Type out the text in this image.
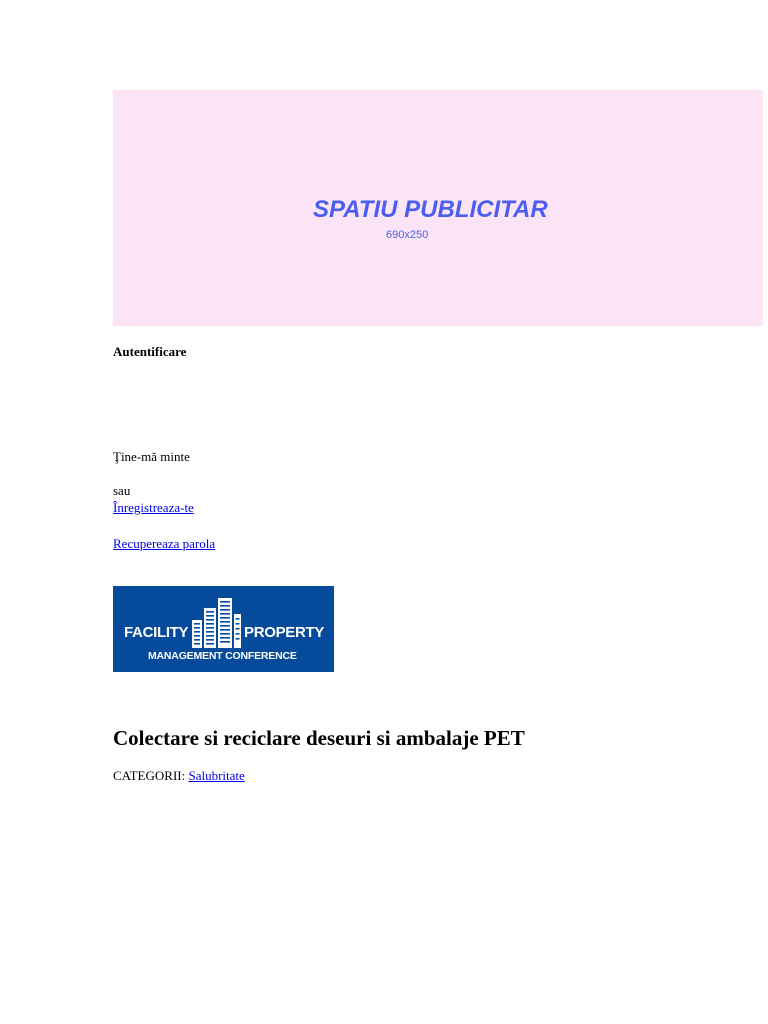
SPATIU PUBLICITAR
690x250
Autentificare
Ţine-mă minte
sau
Înregistreaza-te
Recupereaza parola
FACILITY	PROPERTY
MANAGEMENT CONFERENCE
Colectare si reciclare deseuri si ambalaje PET
CATEGORII: Salubritate
